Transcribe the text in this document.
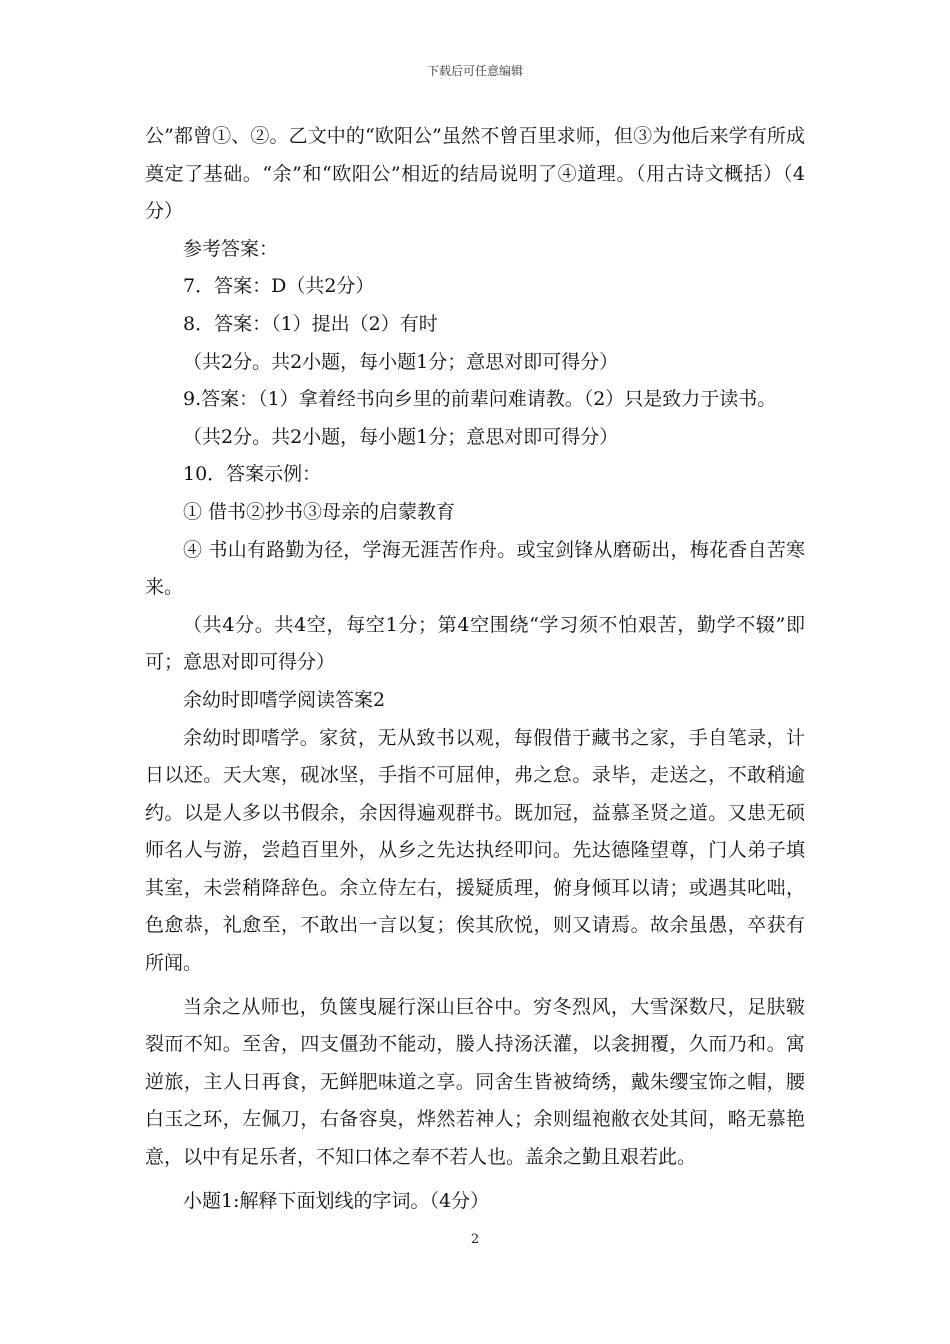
下载后可任意编辑

公”都曾①、②。乙文中的“欧阳公”虽然不曾百里求师，但③为他后来学有所成奠定了基础。“余”和“欧阳公”相近的结局说明了④道理。（用古诗文概括）（4分）

参考答案：

7．答案：D（共2分）

8．答案：（1）提出（2）有时

（共2分。共2小题，每小题1分；意思对即可得分）

9.答案：（1）拿着经书向乡里的前辈问难请教。（2）只是致力于读书。

（共2分。共2小题，每小题1分；意思对即可得分）

10．答案示例：

① 借书②抄书③母亲的启蒙教育

④ 书山有路勤为径，学海无涯苦作舟。或宝剑锋从磨砺出，梅花香自苦寒来。

（共4分。共4空，每空1分；第4空围绕“学习须不怕艰苦，勤学不辍”即可；意思对即可得分）

余幼时即嗜学阅读答案2

余幼时即嗜学。家贫，无从致书以观，每假借于藏书之家，手自笔录，计日以还。天大寒，砚冰坚，手指不可屈伸，弗之怠。录毕，走送之，不敢稍逾约。以是人多以书假余，余因得遍观群书。既加冠，益慕圣贤之道。又患无硕师名人与游，尝趋百里外，从乡之先达执经叩问。先达德隆望尊，门人弟子填其室，未尝稍降辞色。余立侍左右，援疑质理，俯身倾耳以请；或遇其叱咄，色愈恭，礼愈至，不敢出一言以复；俟其欣悦，则又请焉。故余虽愚，卒获有所闻。

当余之从师也，负箧曳屣行深山巨谷中。穷冬烈风，大雪深数尺，足肤皲裂而不知。至舍，四支僵劲不能动，媵人持汤沃灌，以衾拥覆，久而乃和。寓逆旅，主人日再食，无鲜肥味道之享。同舍生皆被绮绣，戴朱缨宝饰之帽，腰白玉之环，左佩刀，右备容臭，烨然若神人；余则缊袍敝衣处其间，略无慕艳意，以中有足乐者，不知口体之奉不若人也。盖余之勤且艰若此。

小题1:解释下面划线的字词。（4分）

2
